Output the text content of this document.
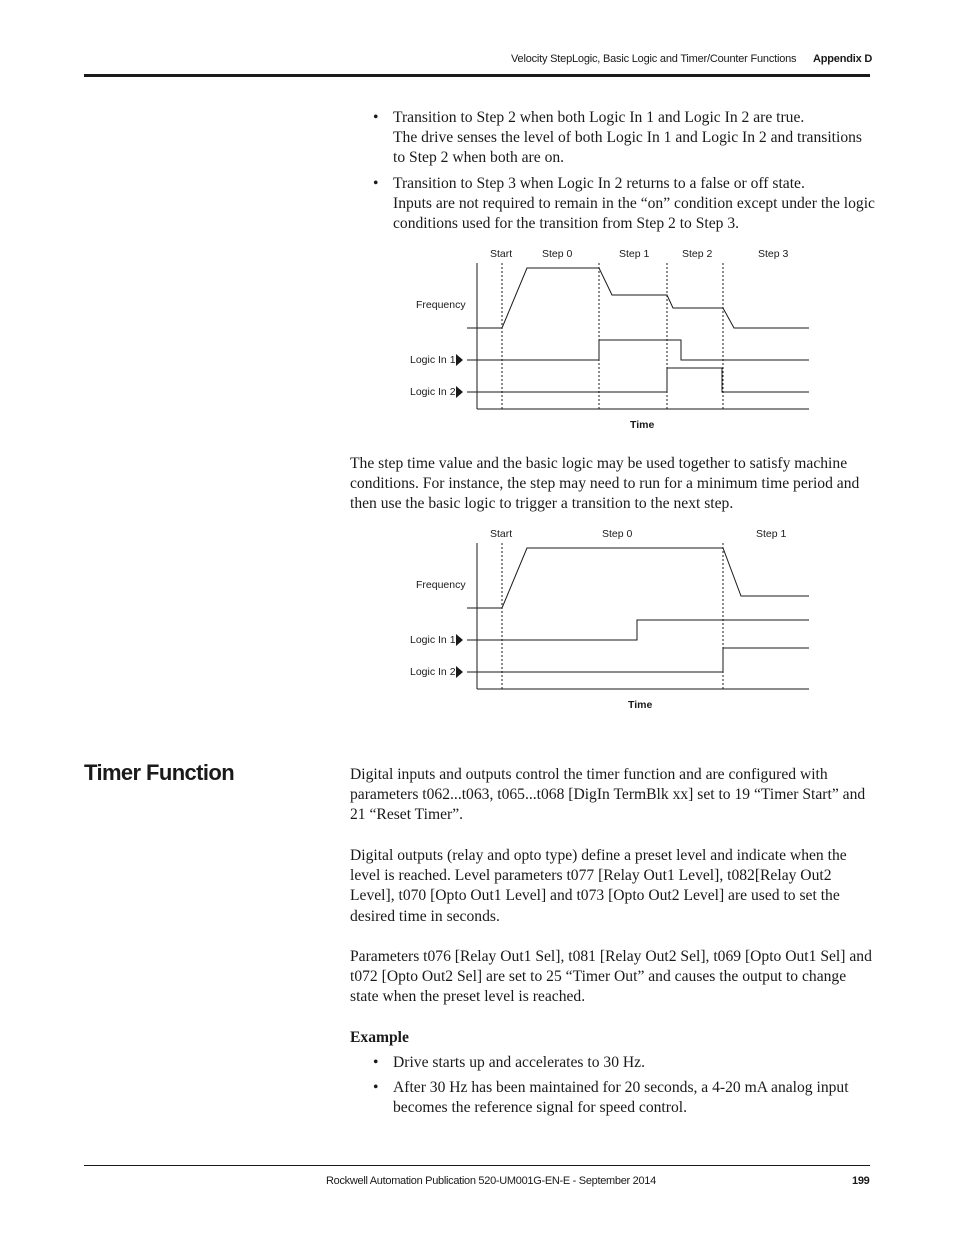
Velocity StepLogic, Basic Logic and Timer/Counter Functions Appendix D
• Transition to Step 2 when both Logic In 1 and Logic In 2 are true.
The drive senses the level of both Logic In 1 and Logic In 2 and transitions to Step 2 when both are on.
• Transition to Step 3 when Logic In 2 returns to a false or off state.
Inputs are not required to remain in the “on” condition except under the logic conditions used for the transition from Step 2 to Step 3.
Start	Step 0	Step 1	Step 2	Step 3
Frequency
Logic In 1
Logic In 2
Time
The step time value and the basic logic may be used together to satisfy machine conditions. For instance, the step may need to run for a minimum time period and then use the basic logic to trigger a transition to the next step.
Start	Step 0	Step 1
Frequency
Logic In 1
Logic In 2
Time
Timer Function	Digital inputs and outputs control the timer function and are configured with parameters t062...t063, t065...t068 [DigIn TermBlk xx] set to 19 “Timer Start” and 21 “Reset Timer”.
Digital outputs (relay and opto type) define a preset level and indicate when the level is reached. Level parameters t077 [Relay Out1 Level], t082[Relay Out2 Level], t070 [Opto Out1 Level] and t073 [Opto Out2 Level] are used to set the desired time in seconds.
Parameters t076 [Relay Out1 Sel], t081 [Relay Out2 Sel], t069 [Opto Out1 Sel] and t072 [Opto Out2 Sel] are set to 25 “Timer Out” and causes the output to change state when the preset level is reached.
Example
• Drive starts up and accelerates to 30 Hz.
• After 30 Hz has been maintained for 20 seconds, a 4-20 mA analog input becomes the reference signal for speed control.
Rockwell Automation Publication 520-UM001G-EN-E - September 2014	199
